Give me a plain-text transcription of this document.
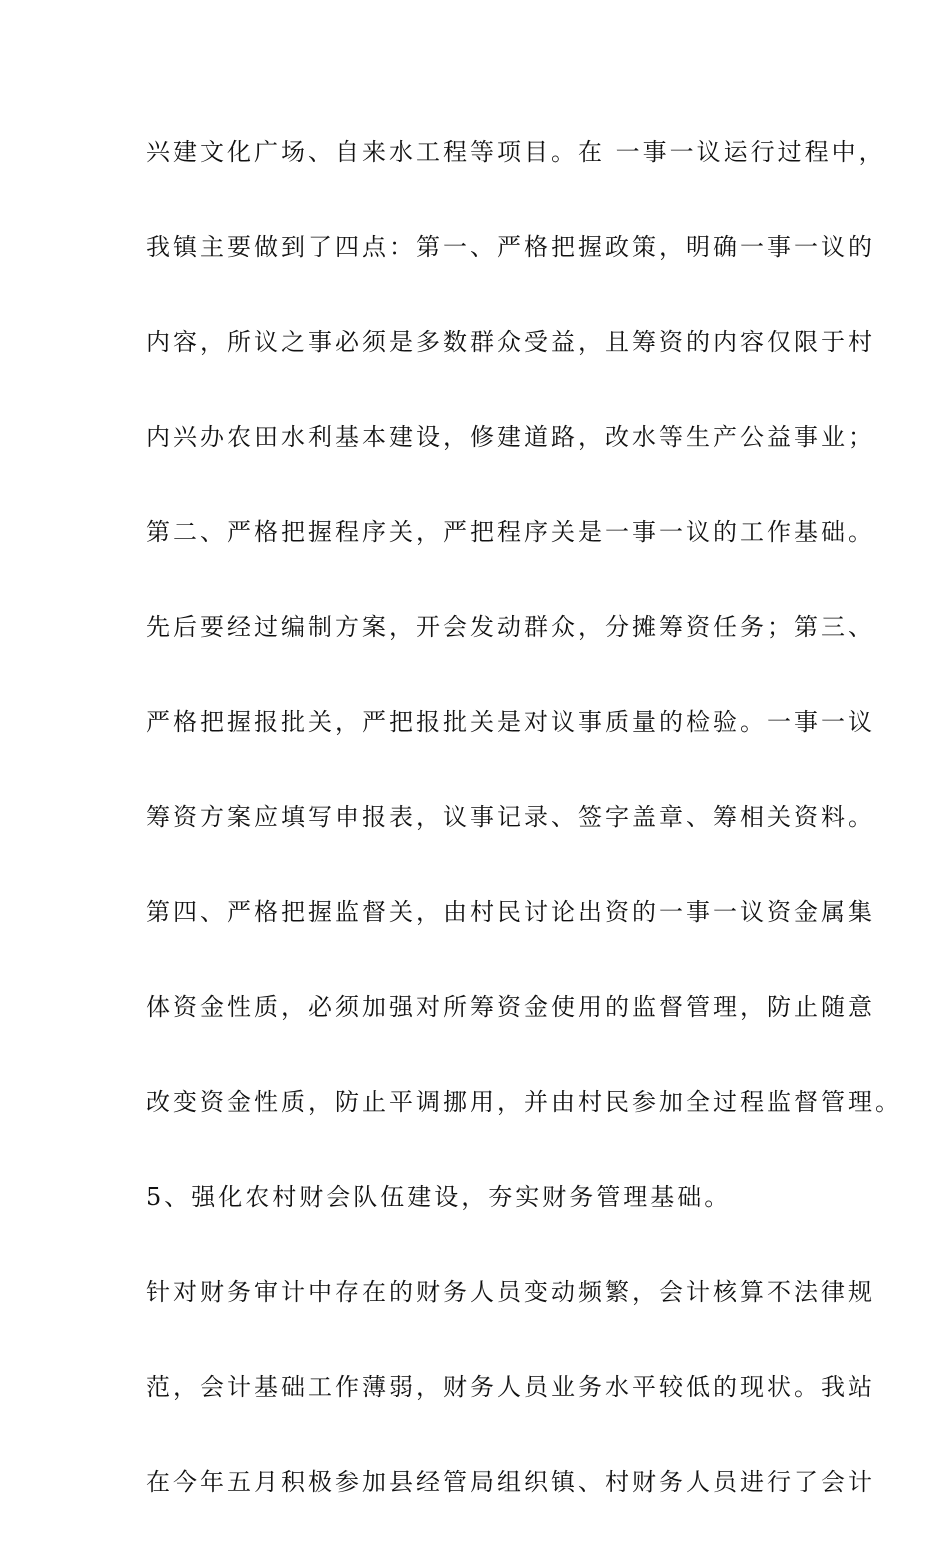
兴建文化广场、自来水工程等项目。在 一事一议运行过程中，
我镇主要做到了四点：第一、严格把握政策，明确一事一议的
内容，所议之事必须是多数群众受益，且筹资的内容仅限于村
内兴办农田水利基本建设，修建道路，改水等生产公益事业；
第二、严格把握程序关，严把程序关是一事一议的工作基础。
先后要经过编制方案，开会发动群众，分摊筹资任务；第三、
严格把握报批关，严把报批关是对议事质量的检验。一事一议
筹资方案应填写申报表，议事记录、签字盖章、筹相关资料。
第四、严格把握监督关，由村民讨论出资的一事一议资金属集
体资金性质，必须加强对所筹资金使用的监督管理，防止随意
改变资金性质，防止平调挪用，并由村民参加全过程监督管理。
5、强化农村财会队伍建设，夯实财务管理基础。
针对财务审计中存在的财务人员变动频繁，会计核算不法律规
范，会计基础工作薄弱，财务人员业务水平较低的现状。我站
在今年五月积极参加县经管局组织镇、村财务人员进行了会计
